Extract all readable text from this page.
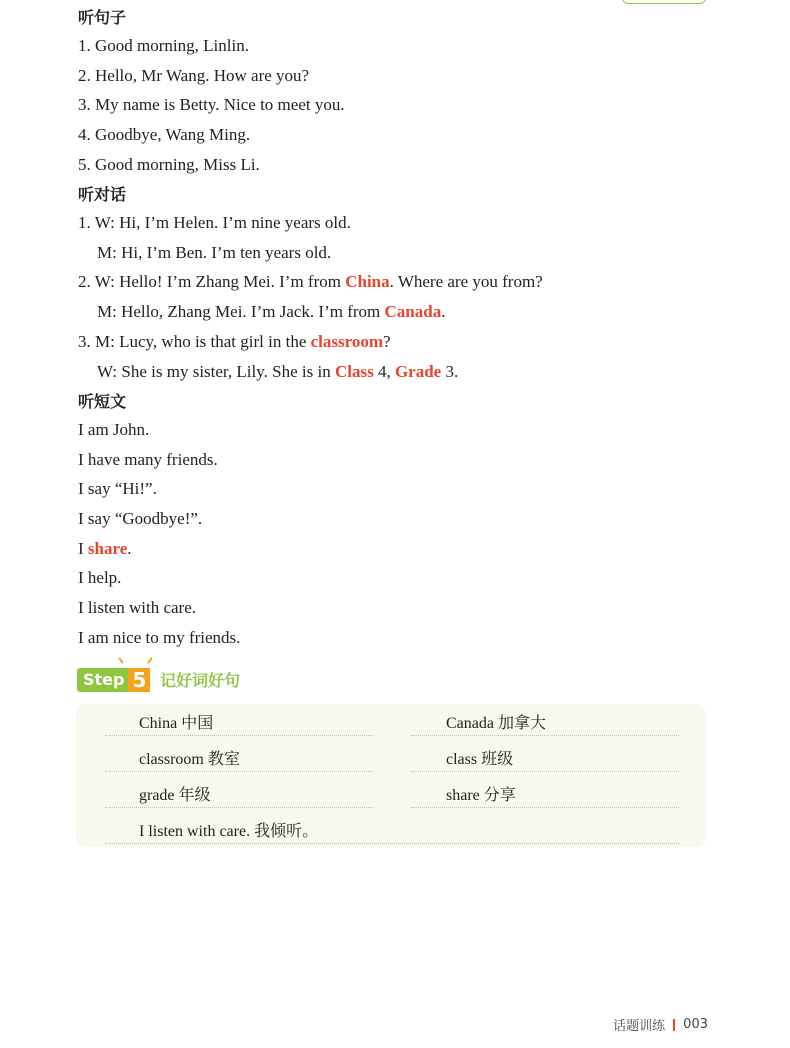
听句子
1. Good morning, Linlin.
2. Hello, Mr Wang. How are you?
3. My name is Betty. Nice to meet you.
4. Goodbye, Wang Ming.
5. Good morning, Miss Li.
听对话
1. W: Hi, I’m Helen. I’m nine years old.
M: Hi, I’m Ben. I’m ten years old.
2. W: Hello! I’m Zhang Mei. I’m from China. Where are you from?
M: Hello, Zhang Mei. I’m Jack. I’m from Canada.
3. M: Lucy, who is that girl in the classroom?
W: She is my sister, Lily. She is in Class 4, Grade 3.
听短文
I am John.
I have many friends.
I say “Hi!”.
I say “Goodbye!”.
I share.
I help.
I listen with care.
I am nice to my friends.
Step 5 记好词好句
China 中国	Canada 加拿大
classroom 教室	class 班级
grade 年级	share 分享
I listen with care. 我倾听。
话题训练 003
